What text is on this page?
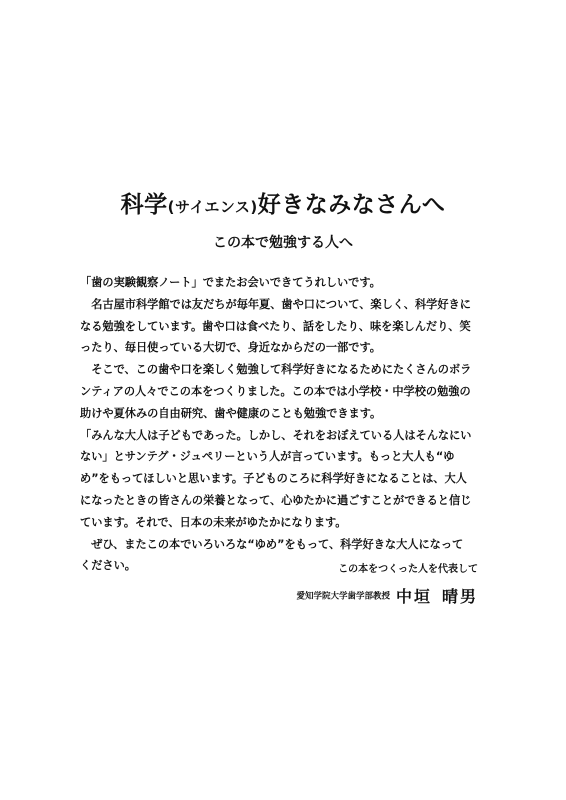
科学(サイエンス)好きなみなさんへ
この本で勉強する人へ

「歯の実験観察ノート」でまたお会いできてうれしいです。

名古屋市科学館では友だちが毎年夏、歯や口について、楽しく、科学好きになる勉強をしています。歯や口は食べたり、話をしたり、味を楽しんだり、笑ったり、毎日使っている大切で、身近なからだの一部です。

そこで、この歯や口を楽しく勉強して科学好きになるためにたくさんのボランティアの人々でこの本をつくりました。この本では小学校・中学校の勉強の助けや夏休みの自由研究、歯や健康のことも勉強できます。

「みんな大人は子どもであった。しかし、それをおぼえている人はそんなにいない」とサンテグ・ジュペリーという人が言っています。もっと大人も“ゆめ”をもってほしいと思います。子どものころに科学好きになることは、大人になったときの皆さんの栄養となって、心ゆたかに過ごすことができると信じています。それで、日本の未来がゆたかになります。

ぜひ、またこの本でいろいろな“ゆめ”をもって、科学好きな大人になってください。	この本をつくった人を代表して
愛知学院大学歯学部教授 中垣 晴男
